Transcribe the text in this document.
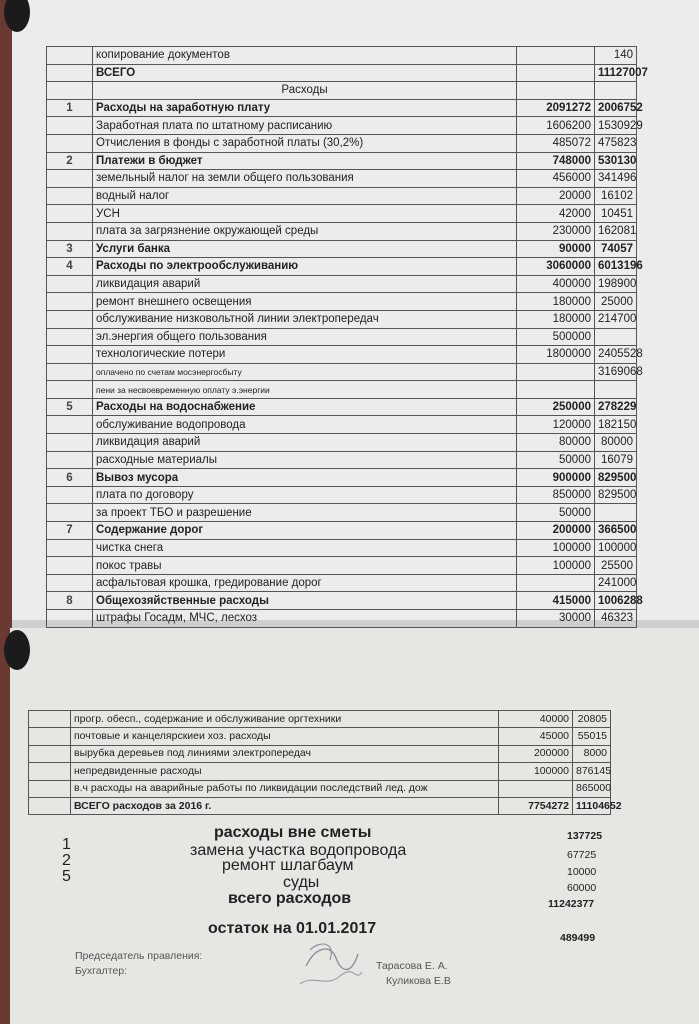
	копирование документов		140
	ВСЕГО		11127007
	Расходы		
1	Расходы на заработную плату	2091272	2006752
	Заработная плата по штатному расписанию	1606200	1530929
	Отчисления в фонды с заработной платы (30,2%)	485072	475823
2	Платежи в бюджет	748000	530130
	земельный налог на земли общего пользования	456000	341496
	водный налог	20000	16102
	УСН	42000	10451
	плата за загрязнение окружающей среды	230000	162081
3	Услуги банка	90000	74057
4	Расходы по электрообслуживанию	3060000	6013196
	ликвидация аварий	400000	198900
	ремонт внешнего освещения	180000	25000
	обслуживание низковольтной линии электропередач	180000	214700
	эл.энергия общего пользования	500000	
	технологические потери	1800000	2405528
	оплачено по счетам мосэнергосбыту		3169068
	пени за несвоевременную оплату э.энергии		
5	Расходы на водоснабжение	250000	278229
	обслуживание водопровода	120000	182150
	ликвидация аварий	80000	80000
	расходные материалы	50000	16079
6	Вывоз мусора	900000	829500
	плата по договору	850000	829500
	за проект ТБО и разрешение	50000	
7	Содержание дорог	200000	366500
	чистка снега	100000	100000
	покос травы	100000	25500
	асфальтовая крошка, гредирование дорог		241000
8	Общехозяйственные расходы	415000	1006288
	штрафы Госадм, МЧС, лесхоз	30000	46323
	прогр. обесп., содержание и обслуживание оргтехники	40000	20805
	почтовые и канцелярскиеи хоз. расходы	45000	55015
	вырубка деревьев под линиями электропередач	200000	8000
	непредвиденные расходы	100000	876145
	в.ч расходы на аварийные работы по ликвидации последствий лед. дож		865000
	ВСЕГО расходов за 2016 г.	7754272	11104652
расходы вне сметы	137725
1	замена участка водопровода	67725
2	ремонт шлагбаум	10000
5	суды	60000
всего расходов	11242377
остаток на 01.01.2017
489499
Председатель правления:
Бухгалтер:	Тарасова Е. А.
Куликова Е.В
